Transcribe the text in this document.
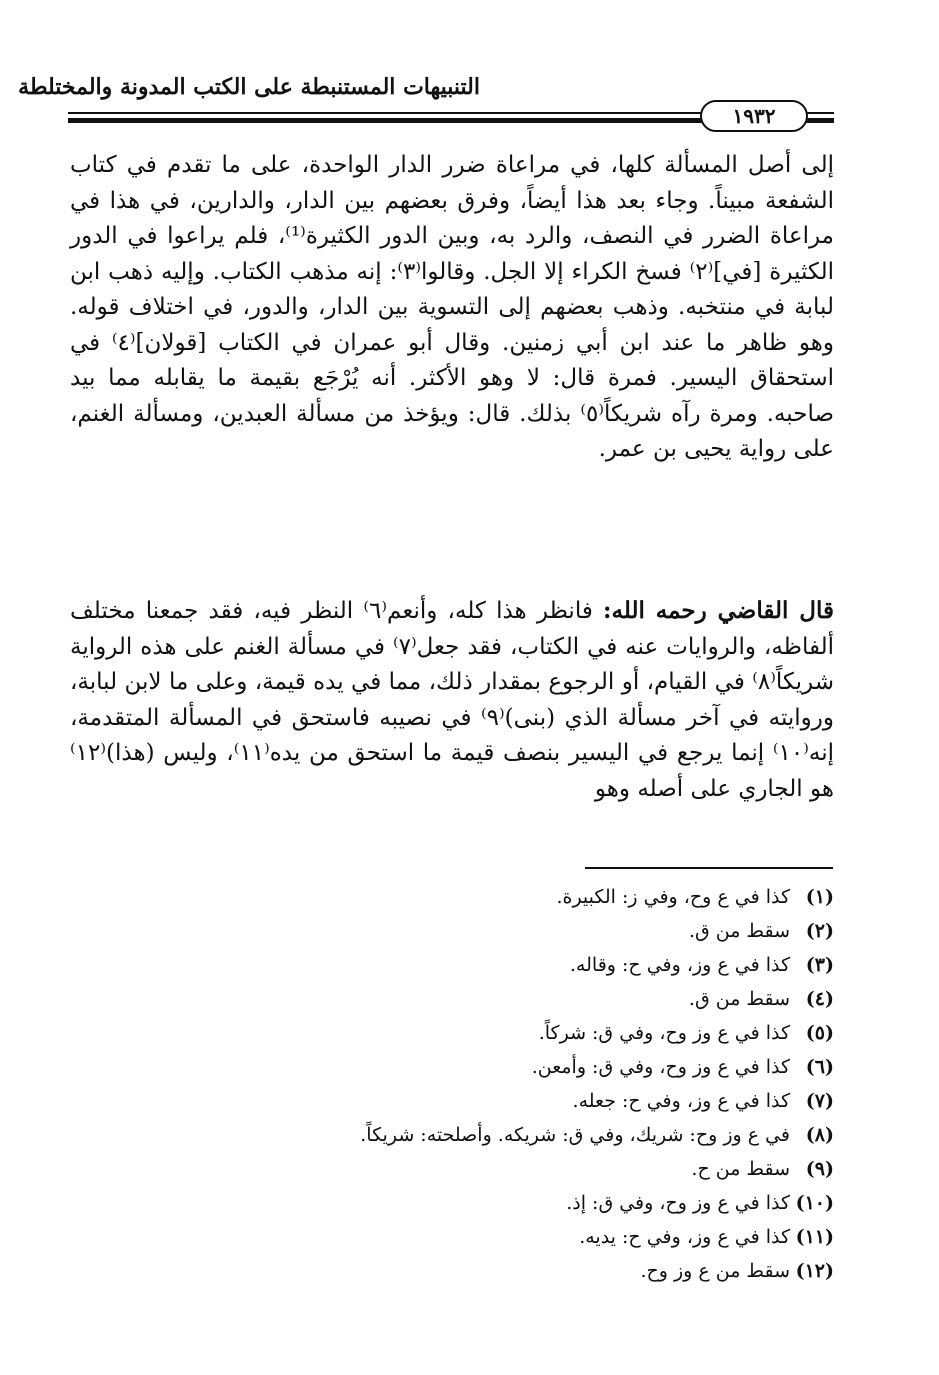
التنبيهات المستنبطة على الكتب المدونة والمختلطة
١٩٣٢
إلى أصل المسألة كلها، في مراعاة ضرر الدار الواحدة، على ما تقدم في كتاب الشفعة مبيناً. وجاء بعد هذا أيضاً، وفرق بعضهم بين الدار، والدارين، في هذا في مراعاة الضرر في النصف، والرد به، وبين الدور الكثيرة⁽¹⁾، فلم يراعوا في الدور الكثيرة [في]⁽٢⁾ فسخ الكراء إلا الجل. وقالوا⁽٣⁾: إنه مذهب الكتاب. وإليه ذهب ابن لبابة في منتخبه. وذهب بعضهم إلى التسوية بين الدار، والدور، في اختلاف قوله. وهو ظاهر ما عند ابن أبي زمنين. وقال أبو عمران في الكتاب [قولان]⁽٤⁾ في استحقاق اليسير. فمرة قال: لا وهو الأكثر. أنه يُرْجَع بقيمة ما يقابله مما بيد صاحبه. ومرة رآه شريكاً⁽٥⁾ بذلك. قال: ويؤخذ من مسألة العبدين، ومسألة الغنم، على رواية يحيى بن عمر.
قال القاضي رحمه الله: فانظر هذا كله، وأنعم⁽٦⁾ النظر فيه، فقد جمعنا مختلف ألفاظه، والروايات عنه في الكتاب، فقد جعل⁽٧⁾ في مسألة الغنم على هذه الرواية شريكاً⁽٨⁾ في القيام، أو الرجوع بمقدار ذلك، مما في يده قيمة، وعلى ما لابن لبابة، وروايته في آخر مسألة الذي (بنى)⁽٩⁾ في نصيبه فاستحق في المسألة المتقدمة، إنه⁽١٠⁾ إنما يرجع في اليسير بنصف قيمة ما استحق من يده⁽١١⁾، وليس (هذا)⁽١٢⁾ هو الجاري على أصله وهو
(١)كذا في ع وح، وفي ز: الكبيرة.
(٢)سقط من ق.
(٣)كذا في ع وز، وفي ح: وقاله.
(٤)سقط من ق.
(٥)كذا في ع وز وح، وفي ق: شركاً.
(٦)كذا في ع وز وح، وفي ق: وأمعن.
(٧)كذا في ع وز، وفي ح: جعله.
(٨)في ع وز وح: شريك، وفي ق: شريكه. وأصلحته: شريكاً.
(٩)سقط من ح.
(١٠)كذا في ع وز وح، وفي ق: إذ.
(١١)كذا في ع وز، وفي ح: يديه.
(١٢)سقط من ع وز وح.
